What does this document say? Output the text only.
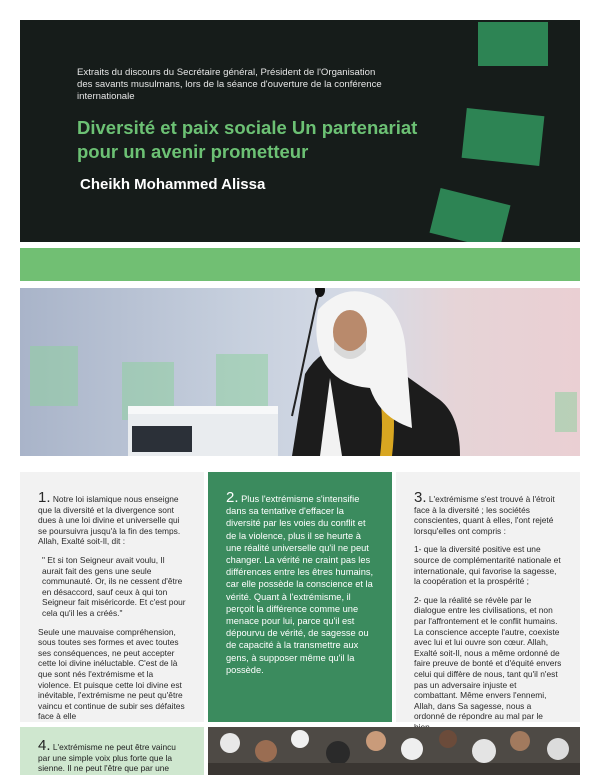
Extraits du discours du Secrétaire général, Président de l'Organisation des savants musulmans, lors de la séance d'ouverture de la conférence internationale
Diversité et paix sociale Un partenariat pour un avenir prometteur
Cheikh Mohammed Alissa

1. Notre loi islamique nous enseigne que la diversité et la divergence sont dues à une loi divine et universelle qui se poursuivra jusqu'à la fin des temps. Allah, Exalté soit-Il, dit :

" Et si ton Seigneur avait voulu, Il aurait fait des gens une seule communauté. Or, ils ne cessent d'être en désaccord, sauf ceux à qui ton Seigneur fait miséricorde. Et c'est pour cela qu'il les a créés."

Seule une mauvaise compréhension, sous toutes ses formes et avec toutes ses conséquences, ne peut accepter cette loi divine inéluctable. C'est de là que sont nés l'extrémisme et la violence. Et puisque cette loi divine est inévitable, l'extrémisme ne peut qu'être vaincu et continue de subir ses défaites face à elle

2. Plus l'extrémisme s'intensifie dans sa tentative d'effacer la diversité par les voies du conflit et de la violence, plus il se heurte à une réalité universelle qu'il ne peut changer. La vérité ne craint pas les différences entre les êtres humains, car elle possède la conscience et la vérité. Quant à l'extrémisme, il perçoit la différence comme une menace pour lui, parce qu'il est dépourvu de vérité, de sagesse ou de capacité à la transmettre aux gens, à supposer même qu'il la possède.

3. L'extrémisme s'est trouvé à l'étroit face à la diversité ; les sociétés conscientes, quant à elles, l'ont rejeté lorsqu'elles ont compris :

1- que la diversité positive est une source de complémentarité nationale et internationale, qui favorise la sagesse, la coopération et la prospérité ;

2- que la réalité se révèle par le dialogue entre les civilisations, et non par l'affrontement et le conflit humains. La conscience accepte l'autre, coexiste avec lui et lui ouvre son cœur. Allah, Exalté soit-Il, nous a même ordonné de faire preuve de bonté et d'équité envers celui qui diffère de nous, tant qu'il n'est pas un adversaire injuste et combattant. Même envers l'ennemi, Allah, dans Sa sagesse, nous a ordonné de répondre au mal par le

4. L'extrémisme ne peut être vaincu par une simple voix plus forte que la sienne. Il ne peut l'être que par une
